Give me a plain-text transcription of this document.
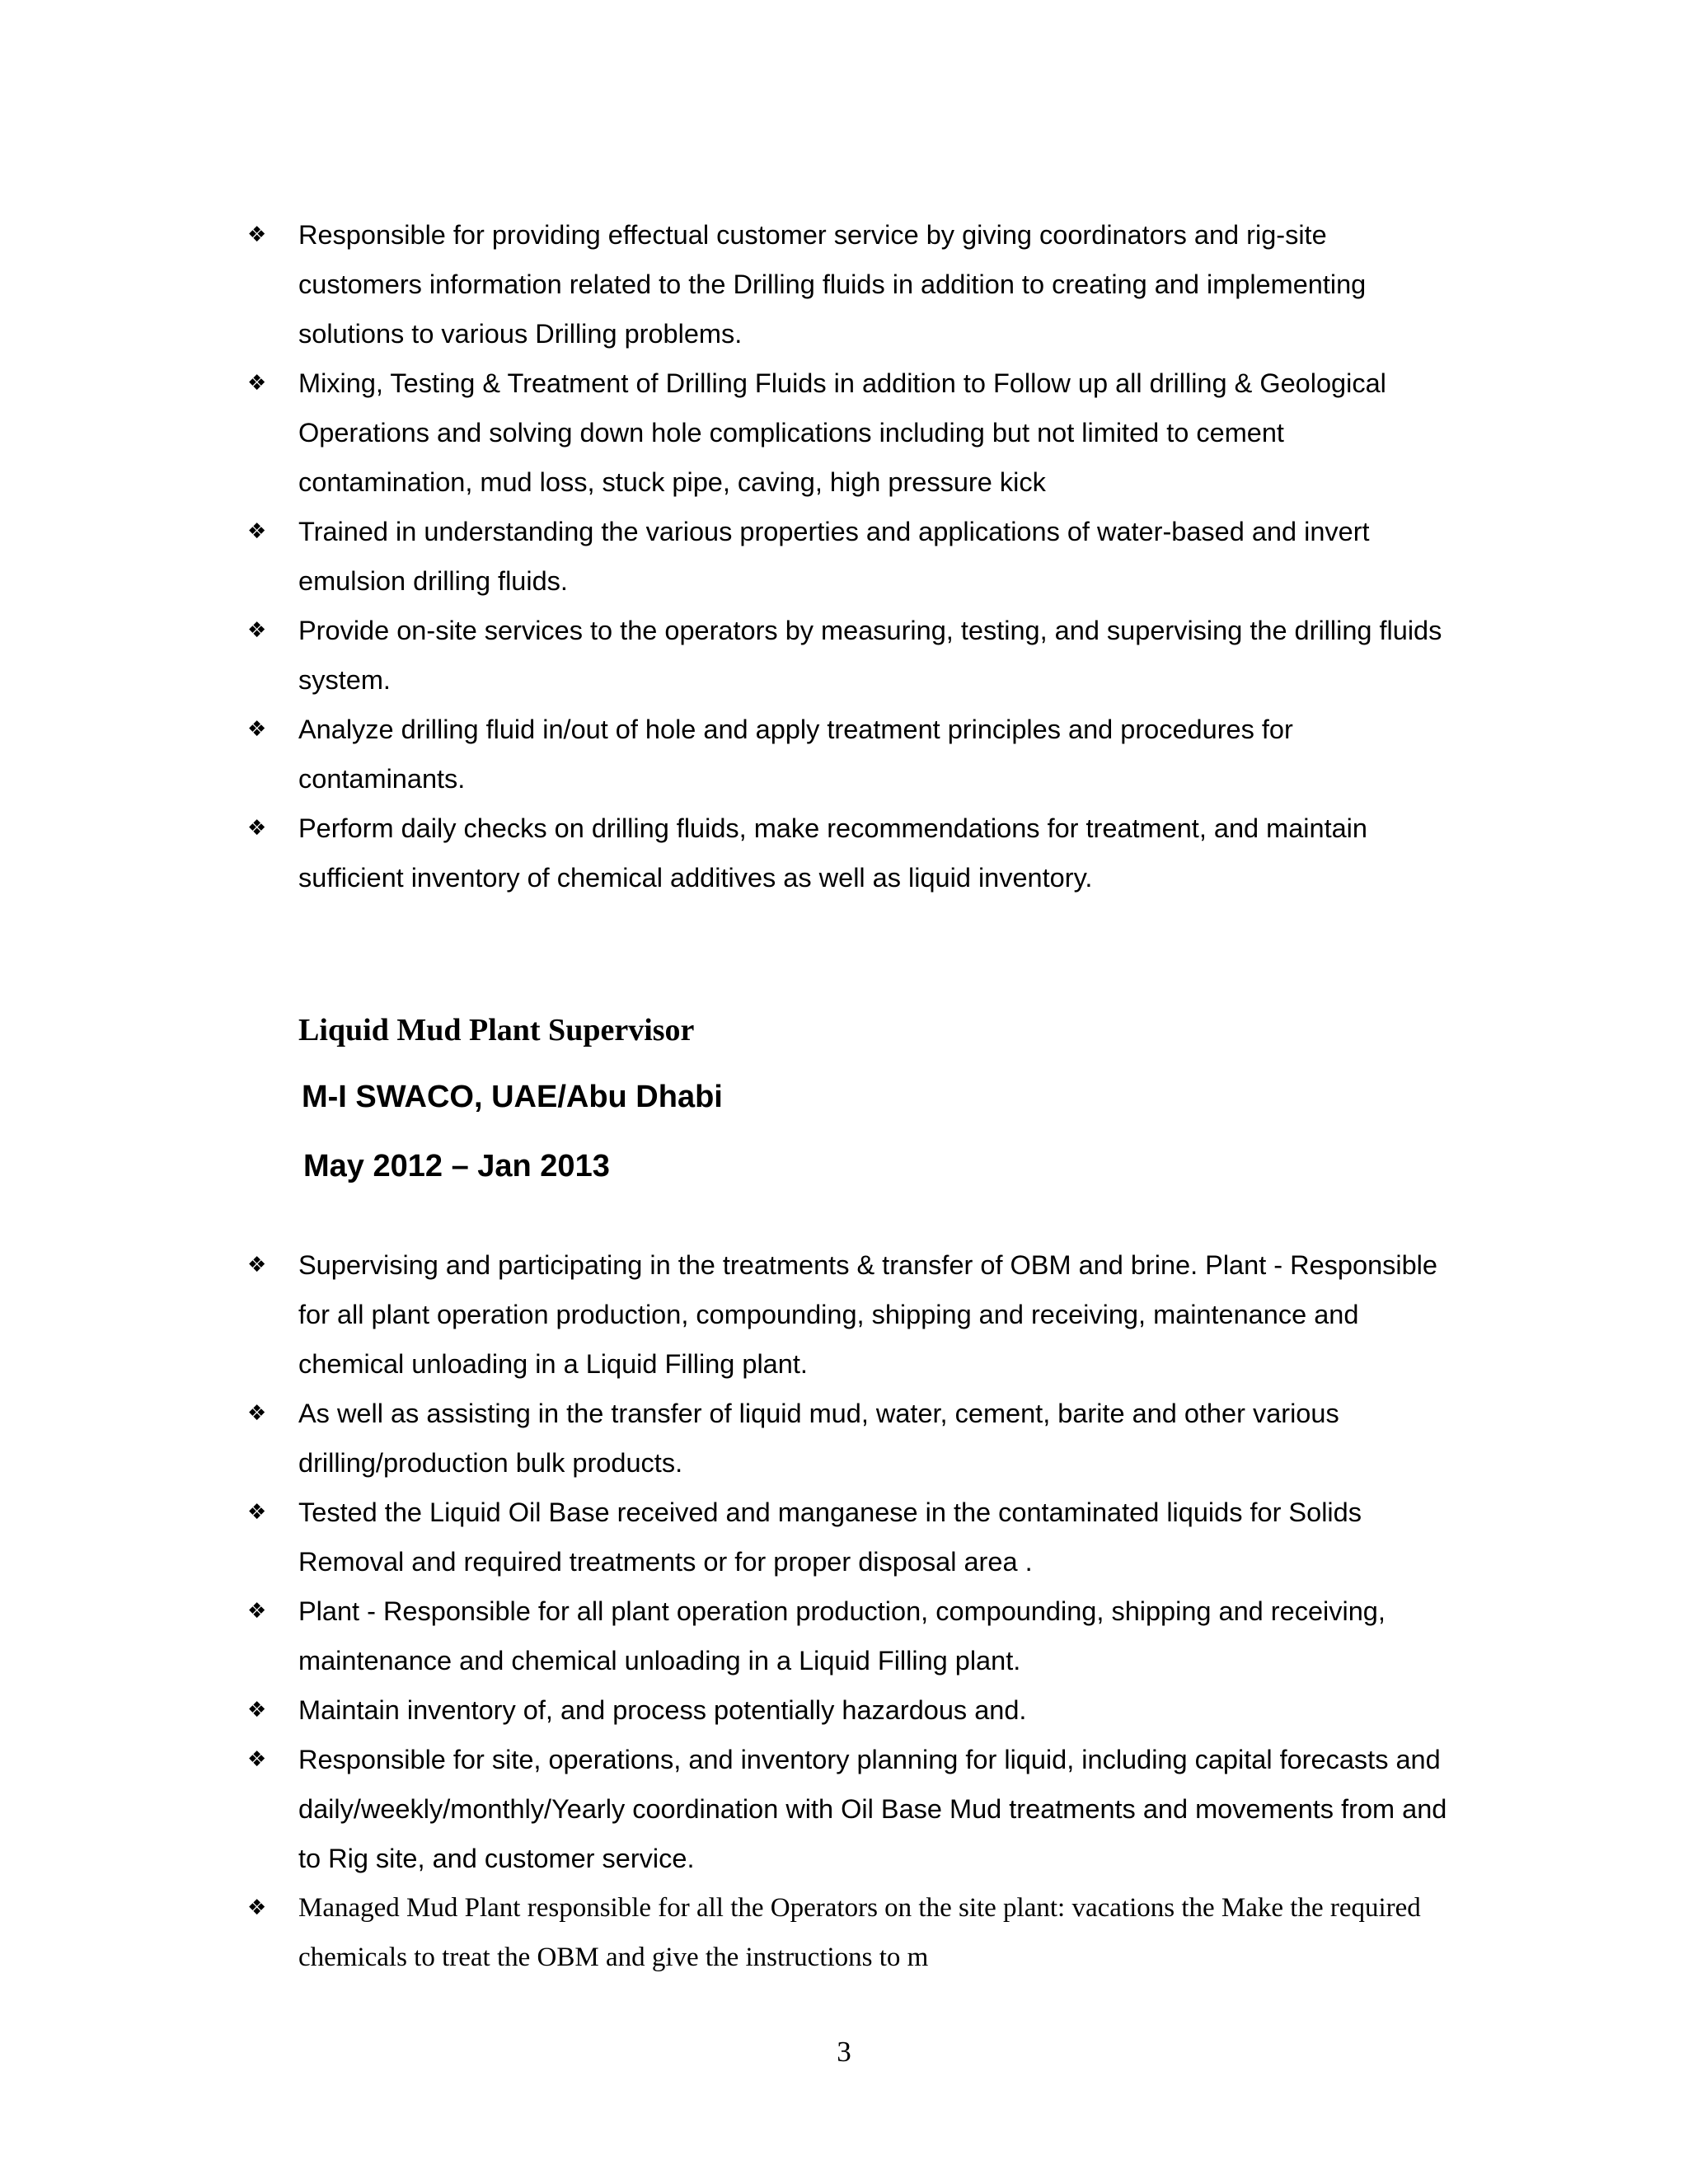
❖ Responsible for providing effectual customer service by giving coordinators and rig-site customers information related to the Drilling fluids in addition to creating and implementing solutions to various Drilling problems.
❖ Mixing, Testing & Treatment of Drilling Fluids in addition to Follow up all drilling & Geological Operations and solving down hole complications including but not limited to cement contamination, mud loss, stuck pipe, caving, high pressure kick
❖ Trained in understanding the various properties and applications of water-based and invert emulsion drilling fluids.
❖ Provide on-site services to the operators by measuring, testing, and supervising the drilling fluids system.
❖ Analyze drilling fluid in/out of hole and apply treatment principles and procedures for contaminants.
❖ Perform daily checks on drilling fluids, make recommendations for treatment, and maintain sufficient inventory of chemical additives as well as liquid inventory.
Liquid Mud Plant Supervisor
M-I SWACO, UAE/Abu Dhabi
May 2012 – Jan 2013
❖ Supervising and participating in the treatments & transfer of OBM and brine. Plant - Responsible for all plant operation production, compounding, shipping and receiving, maintenance and chemical unloading in a Liquid Filling plant.
❖ As well as assisting in the transfer of liquid mud, water, cement, barite and other various drilling/production bulk products.
❖ Tested the Liquid Oil Base received and manganese in the contaminated liquids for Solids Removal and required treatments or for proper disposal area .
❖ Plant - Responsible for all plant operation production, compounding, shipping and receiving, maintenance and chemical unloading in a Liquid Filling plant.
❖ Maintain inventory of, and process potentially hazardous and.
❖ Responsible for site, operations, and inventory planning for liquid, including capital forecasts and daily/weekly/monthly/Yearly coordination with Oil Base Mud treatments and movements from and to Rig site, and customer service.
❖ Managed Mud Plant responsible for all the Operators on the site plant: vacations the Make the required chemicals to treat the OBM and give the instructions to m
3
